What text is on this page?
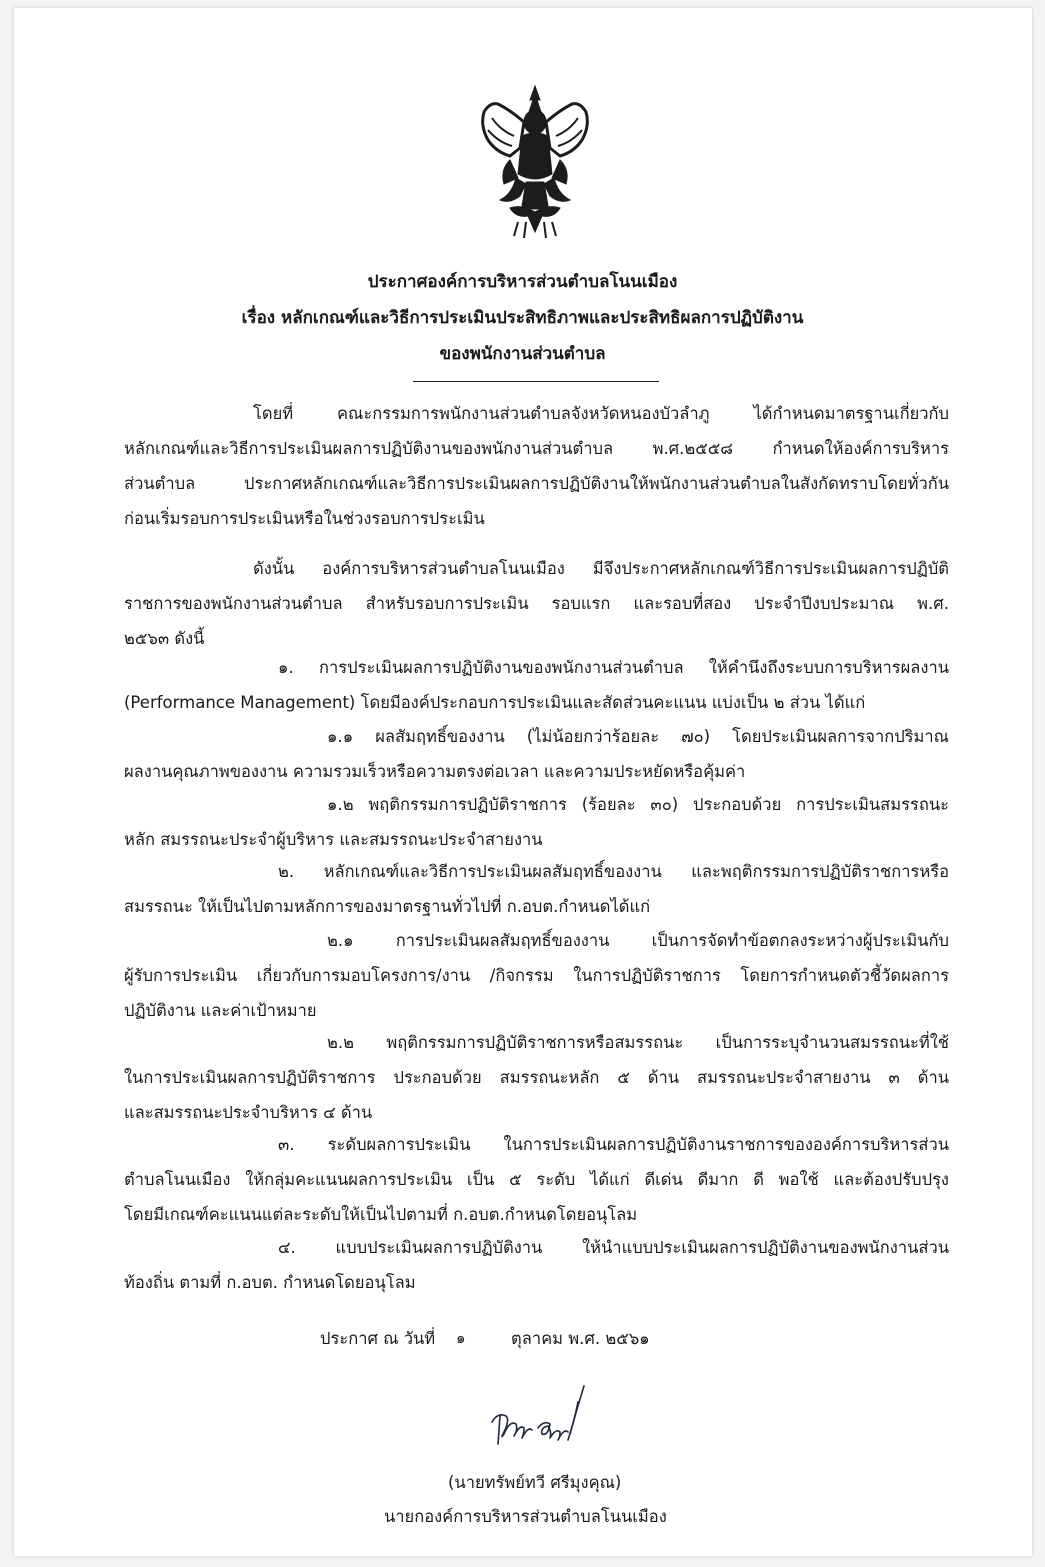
ประกาศองค์การบริหารส่วนตำบลโนนเมือง
เรื่อง หลักเกณฑ์และวิธีการประเมินประสิทธิภาพและประสิทธิผลการปฏิบัติงาน
ของพนักงานส่วนตำบล
โดยที่ คณะกรรมการพนักงานส่วนตำบลจังหวัดหนองบัวลำภู ได้กำหนดมาตรฐานเกี่ยวกับ
หลักเกณฑ์และวิธีการประเมินผลการปฏิบัติงานของพนักงานส่วนตำบล พ.ศ.๒๕๕๘ กำหนดให้องค์การบริหาร
ส่วนตำบล ประกาศหลักเกณฑ์และวิธีการประเมินผลการปฏิบัติงานให้พนักงานส่วนตำบลในสังกัดทราบโดยทั่วกัน
ก่อนเริ่มรอบการประเมินหรือในช่วงรอบการประเมิน
ดังนั้น องค์การบริหารส่วนตำบลโนนเมือง มีจึงประกาศหลักเกณฑ์วิธีการประเมินผลการปฏิบัติ
ราชการของพนักงานส่วนตำบล สำหรับรอบการประเมิน รอบแรก และรอบที่สอง ประจำปีงบประมาณ พ.ศ.
๒๕๖๓ ดังนี้
๑. การประเมินผลการปฏิบัติงานของพนักงานส่วนตำบล ให้คำนึงถึงระบบการบริหารผลงาน
(Performance Management) โดยมีองค์ประกอบการประเมินและสัดส่วนคะแนน แบ่งเป็น ๒ ส่วน ได้แก่
๑.๑ ผลสัมฤทธิ์ของงาน (ไม่น้อยกว่าร้อยละ ๗๐) โดยประเมินผลการจากปริมาณ
ผลงานคุณภาพของงาน ความรวมเร็วหรือความตรงต่อเวลา และความประหยัดหรือคุ้มค่า
๑.๒ พฤติกรรมการปฏิบัติราชการ (ร้อยละ ๓๐) ประกอบด้วย การประเมินสมรรถนะ
หลัก สมรรถนะประจำผู้บริหาร และสมรรถนะประจำสายงาน
๒. หลักเกณฑ์และวิธีการประเมินผลสัมฤทธิ์ของงาน และพฤติกรรมการปฏิบัติราชการหรือ
สมรรถนะ ให้เป็นไปตามหลักการของมาตรฐานทั่วไปที่ ก.อบต.กำหนดได้แก่
๒.๑ การประเมินผลสัมฤทธิ์ของงาน เป็นการจัดทำข้อตกลงระหว่างผู้ประเมินกับ
ผู้รับการประเมิน เกี่ยวกับการมอบโครงการ/งาน /กิจกรรม ในการปฏิบัติราชการ โดยการกำหนดตัวชี้วัดผลการ
ปฏิบัติงาน และค่าเป้าหมาย
๒.๒ พฤติกรรมการปฏิบัติราชการหรือสมรรถนะ เป็นการระบุจำนวนสมรรถนะที่ใช้
ในการประเมินผลการปฏิบัติราชการ ประกอบด้วย สมรรถนะหลัก ๕ ด้าน สมรรถนะประจำสายงาน ๓ ด้าน
และสมรรถนะประจำบริหาร ๔ ด้าน
๓. ระดับผลการประเมิน ในการประเมินผลการปฏิบัติงานราชการขององค์การบริหารส่วน
ตำบลโนนเมือง ให้กลุ่มคะแนนผลการประเมิน เป็น ๕ ระดับ ได้แก่ ดีเด่น ดีมาก ดี พอใช้ และต้องปรับปรุง
โดยมีเกณฑ์คะแนนแต่ละระดับให้เป็นไปตามที่ ก.อบต.กำหนดโดยอนุโลม
๔. แบบประเมินผลการปฏิบัติงาน ให้นำแบบประเมินผลการปฏิบัติงานของพนักงานส่วน
ท้องถิ่น ตามที่ ก.อบต. กำหนดโดยอนุโลม
ประกาศ ณ วันที่ ๑	ตุลาคม พ.ศ. ๒๕๖๑
(นายทรัพย์ทวี ศรีมุงคุณ)
นายกองค์การบริหารส่วนตำบลโนนเมือง
